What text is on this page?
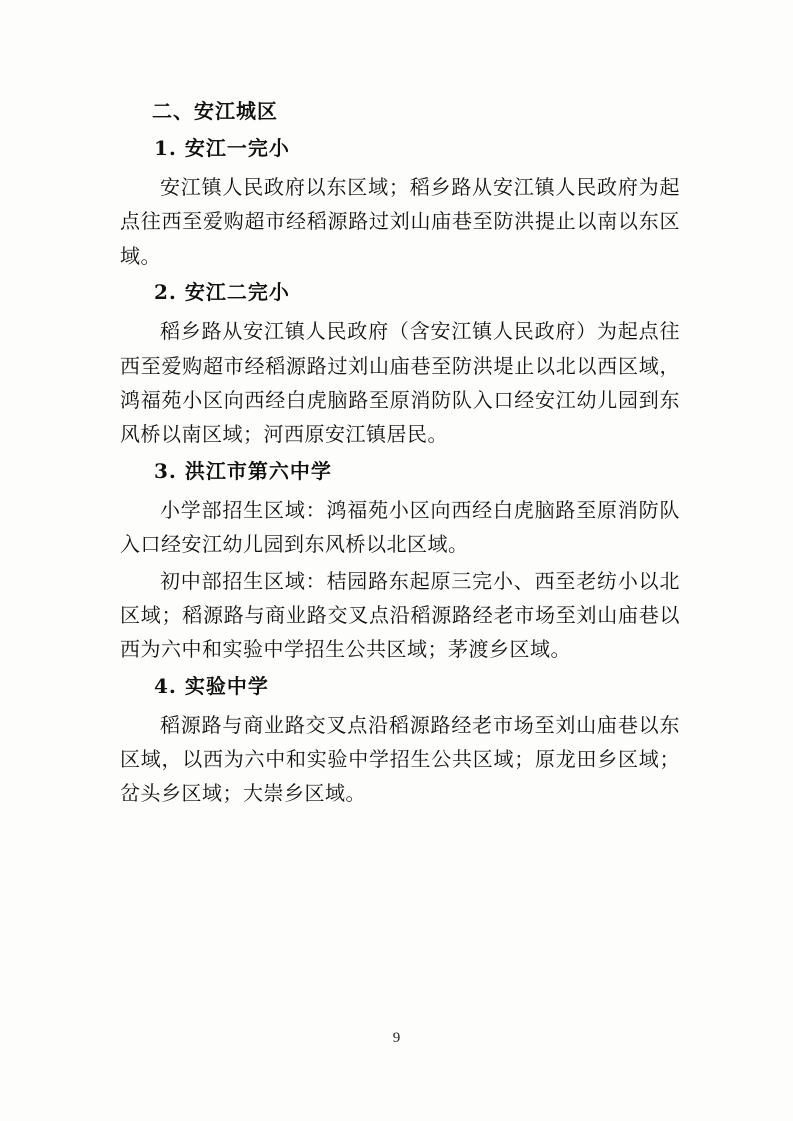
二、安江城区

1. 安江一完小

安江镇人民政府以东区域；稻乡路从安江镇人民政府为起点往西至爱购超市经稻源路过刘山庙巷至防洪提止以南以东区域。

2. 安江二完小

稻乡路从安江镇人民政府（含安江镇人民政府）为起点往西至爱购超市经稻源路过刘山庙巷至防洪堤止以北以西区域，鸿福苑小区向西经白虎脑路至原消防队入口经安江幼儿园到东风桥以南区域；河西原安江镇居民。

3. 洪江市第六中学

小学部招生区域：鸿福苑小区向西经白虎脑路至原消防队入口经安江幼儿园到东风桥以北区域。

初中部招生区域：桔园路东起原三完小、西至老纺小以北区域；稻源路与商业路交叉点沿稻源路经老市场至刘山庙巷以西为六中和实验中学招生公共区域；茅渡乡区域。

4. 实验中学

稻源路与商业路交叉点沿稻源路经老市场至刘山庙巷以东区域，以西为六中和实验中学招生公共区域；原龙田乡区域；岔头乡区域；大崇乡区域。

9
